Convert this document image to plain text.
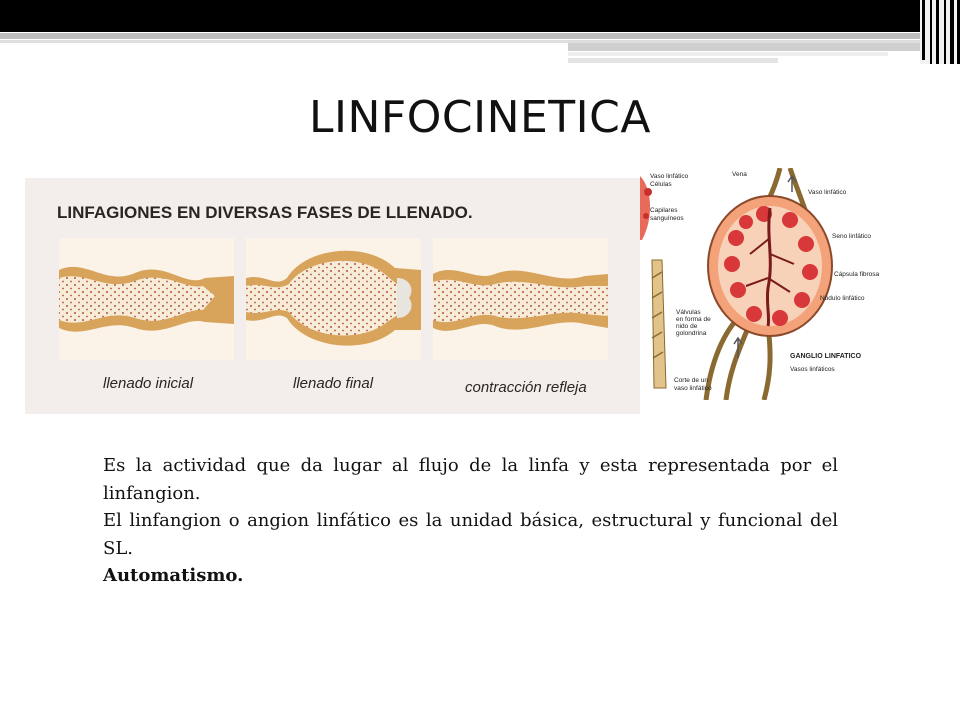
LINFOCINETICA
LINFAGIONES EN DIVERSAS FASES DE LLENADO.
llenado inicial	llenado final	contracción refleja
Vaso linfático
Células
Capilares
sanguíneos
Vena
Vaso linfático
Seno linfático
Cápsula fibrosa
Nódulo linfático
Válvulas
en forma de
nido de
golondrina
GANGLIO LINFATICO
Vasos linfáticos
Corte de un
vaso linfático

Es la actividad que da lugar al flujo de la linfa y esta representada por el linfangion.

El linfangion o angion linfático es la unidad básica, estructural y funcional del SL.

Automatismo.
